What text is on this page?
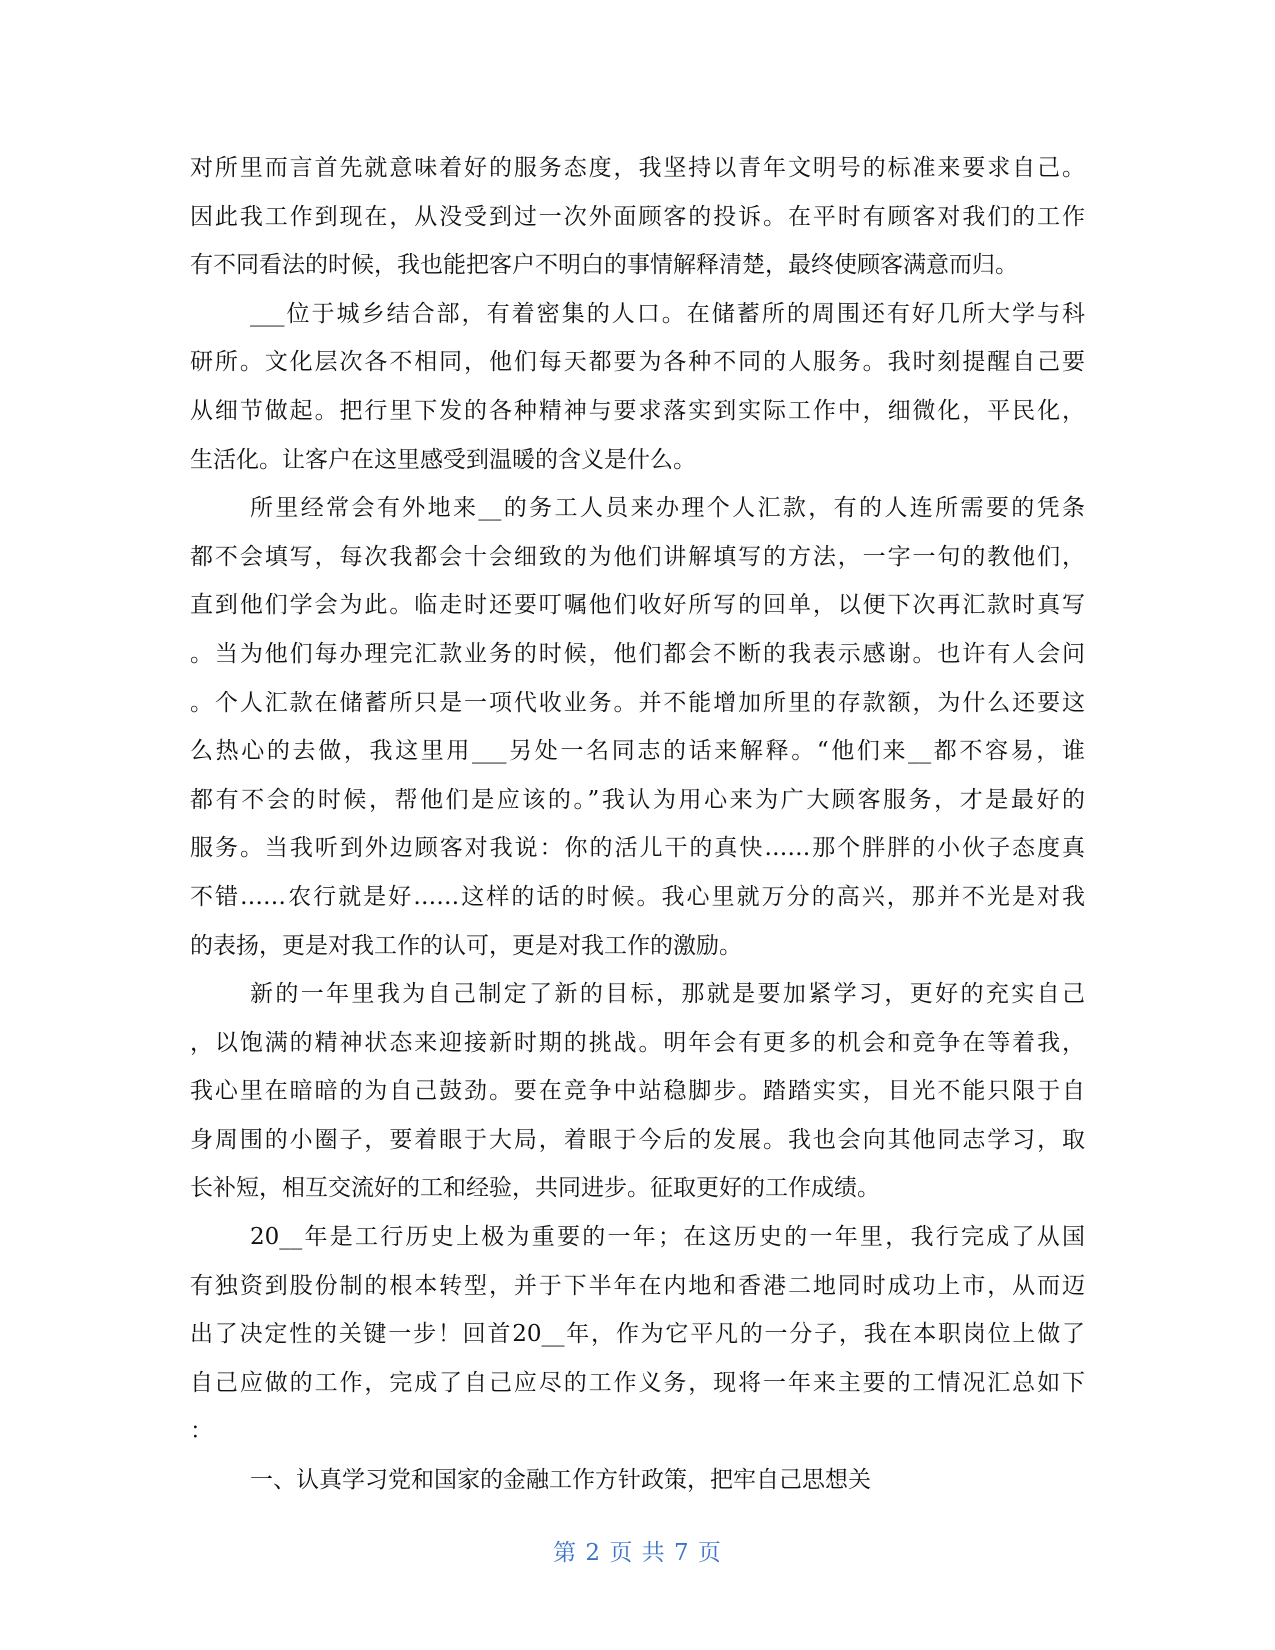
对所里而言首先就意味着好的服务态度，我坚持以青年文明号的标准来要求自己。
因此我工作到现在，从没受到过一次外面顾客的投诉。在平时有顾客对我们的工作
有不同看法的时候，我也能把客户不明白的事情解释清楚，最终使顾客满意而归。
___位于城乡结合部，有着密集的人口。在储蓄所的周围还有好几所大学与科
研所。文化层次各不相同，他们每天都要为各种不同的人服务。我时刻提醒自己要
从细节做起。把行里下发的各种精神与要求落实到实际工作中，细微化，平民化，
生活化。让客户在这里感受到温暖的含义是什么。
所里经常会有外地来__的务工人员来办理个人汇款，有的人连所需要的凭条
都不会填写，每次我都会十会细致的为他们讲解填写的方法，一字一句的教他们，
直到他们学会为此。临走时还要叮嘱他们收好所写的回单，以便下次再汇款时真写
。当为他们每办理完汇款业务的时候，他们都会不断的我表示感谢。也许有人会问
。个人汇款在储蓄所只是一项代收业务。并不能增加所里的存款额，为什么还要这
么热心的去做，我这里用___另处一名同志的话来解释。“他们来__都不容易，谁
都有不会的时候，帮他们是应该的。”我认为用心来为广大顾客服务，才是最好的
服务。当我听到外边顾客对我说：你的活儿干的真快……那个胖胖的小伙子态度真
不错……农行就是好……这样的话的时候。我心里就万分的高兴，那并不光是对我
的表扬，更是对我工作的认可，更是对我工作的激励。
新的一年里我为自己制定了新的目标，那就是要加紧学习，更好的充实自己
，以饱满的精神状态来迎接新时期的挑战。明年会有更多的机会和竞争在等着我，
我心里在暗暗的为自己鼓劲。要在竞争中站稳脚步。踏踏实实，目光不能只限于自
身周围的小圈子，要着眼于大局，着眼于今后的发展。我也会向其他同志学习，取
长补短，相互交流好的工和经验，共同进步。征取更好的工作成绩。
20__年是工行历史上极为重要的一年；在这历史的一年里，我行完成了从国
有独资到股份制的根本转型，并于下半年在内地和香港二地同时成功上市，从而迈
出了决定性的关键一步！回首20__年，作为它平凡的一分子，我在本职岗位上做了
自己应做的工作，完成了自己应尽的工作义务，现将一年来主要的工情况汇总如下
：
一、认真学习党和国家的金融工作方针政策，把牢自己思想关
第 2 页 共 7 页
